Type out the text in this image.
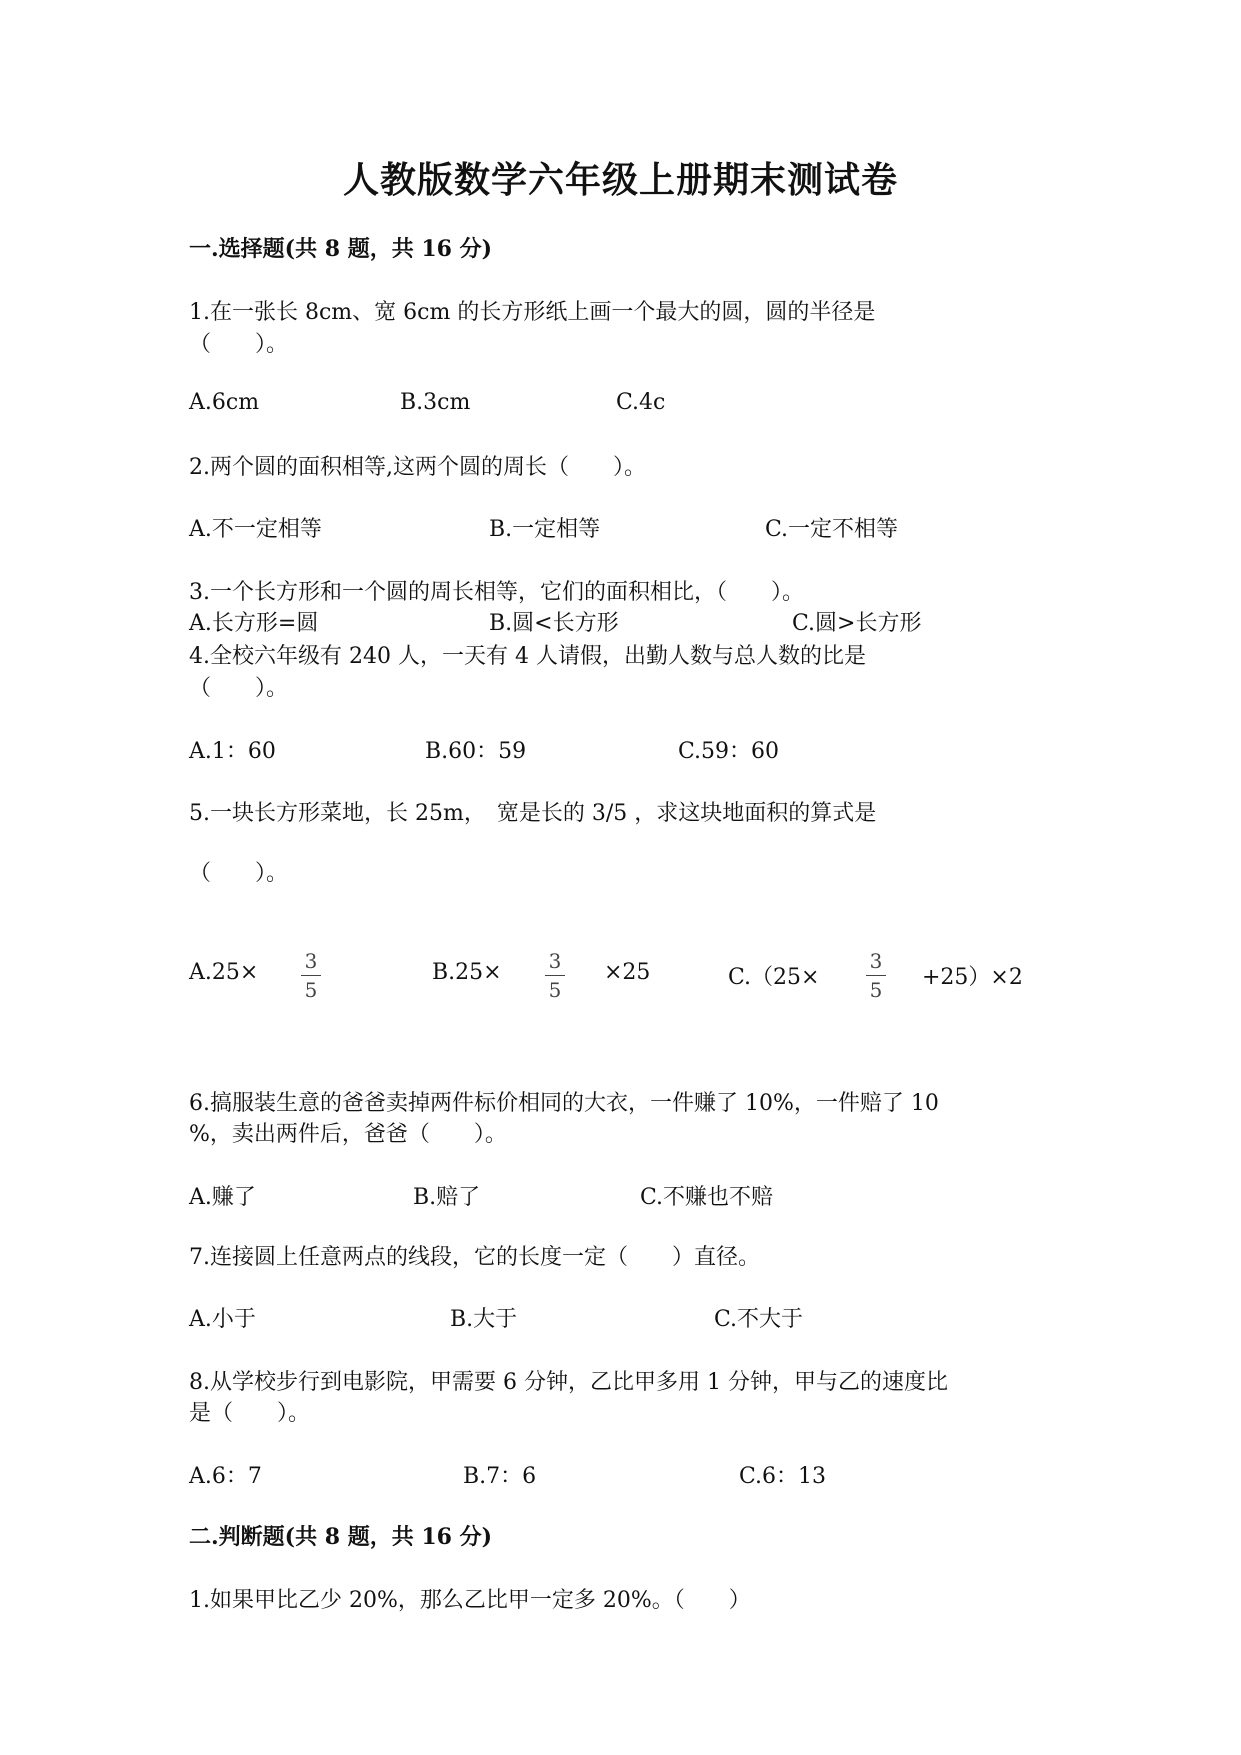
人教版数学六年级上册期末测试卷
一.选择题(共 8 题，共 16 分)
1.在一张长 8cm、宽 6cm 的长方形纸上画一个最大的圆，圆的半径是
（　　）。
A.6cm	B.3cm	C.4c
2.两个圆的面积相等,这两个圆的周长（　　）。
A.不一定相等	B.一定相等	C.一定不相等
3.一个长方形和一个圆的周长相等，它们的面积相比，（　　）。
A.长方形=圆	B.圆<长方形	C.圆>长方形
4.全校六年级有 240 人，一天有 4 人请假，出勤人数与总人数的比是
（　　）。
A.1：60	B.60：59	C.59：60
5.一块长方形菜地，长 25m，　宽是长的 3/5 ，求这块地面积的算式是
（　　）。
A.25× 3
5
B.25× 3
5
×25	C.（25×
3
5 +25）×2
6.搞服装生意的爸爸卖掉两件标价相同的大衣，一件赚了 10%，一件赔了 10
%，卖出两件后，爸爸（　　）。
A.赚了	B.赔了	C.不赚也不赔
7.连接圆上任意两点的线段，它的长度一定（　　）直径。
A.小于	B.大于	C.不大于
8.从学校步行到电影院，甲需要 6 分钟，乙比甲多用 1 分钟，甲与乙的速度比
是（　　）。
A.6：7	B.7：6	C.6：13
二.判断题(共 8 题，共 16 分)
1.如果甲比乙少 20%，那么乙比甲一定多 20%。（　　）
